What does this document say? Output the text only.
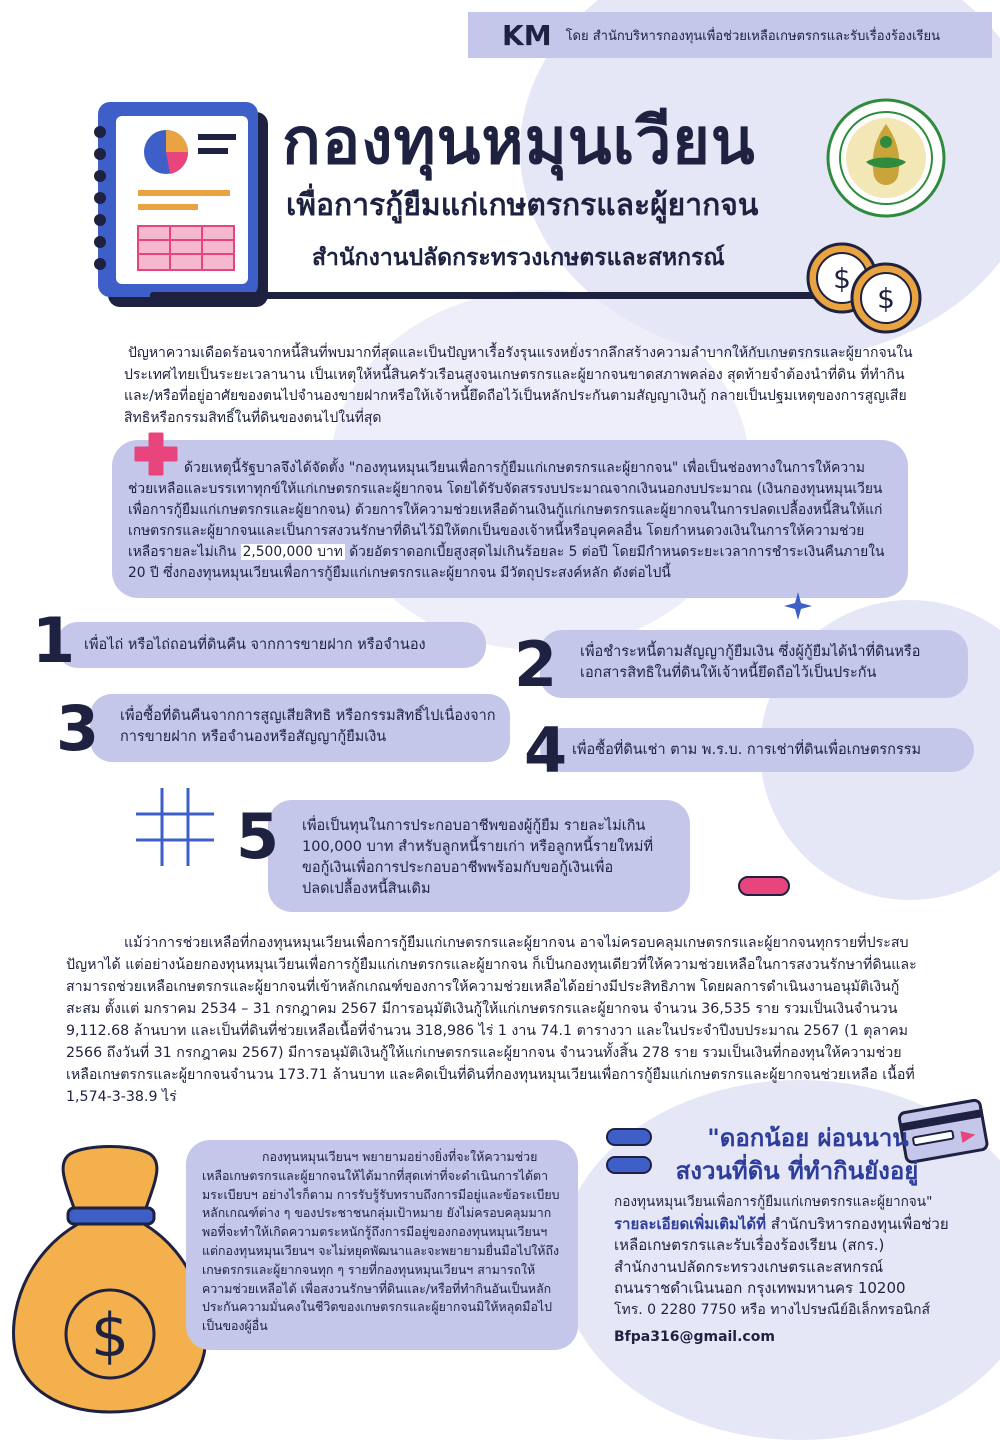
KM โดย สำนักบริหารกองทุนเพื่อช่วยเหลือเกษตรกรและรับเรื่องร้องเรียน
กองทุนหมุนเวียน
เพื่อการกู้ยืมแก่เกษตรกรและผู้ยากจน
สำนักงานปลัดกระทรวงเกษตรและสหกรณ์
$
$
ปัญหาความเดือดร้อนจากหนี้สินที่พบมากที่สุดและเป็นปัญหาเรื้อรังรุนแรงหยั่งรากลึกสร้างความลำบากให้กับเกษตรกรและผู้ยากจนในประเทศไทยเป็นระยะเวลานาน เป็นเหตุให้หนี้สินครัวเรือนสูงจนเกษตรกรและผู้ยากจนขาดสภาพคล่อง สุดท้ายจำต้องนำที่ดิน ที่ทำกินและ/หรือที่อยู่อาศัยของตนไปจำนองขายฝากหรือให้เจ้าหนี้ยึดถือไว้เป็นหลักประกันตามสัญญาเงินกู้ กลายเป็นปฐมเหตุของการสูญเสียสิทธิหรือกรรมสิทธิ์ในที่ดินของตนไปในที่สุด
ด้วยเหตุนี้รัฐบาลจึงได้จัดตั้ง "กองทุนหมุนเวียนเพื่อการกู้ยืมแก่เกษตรกรและผู้ยากจน" เพื่อเป็นช่องทางในการให้ความช่วยเหลือและบรรเทาทุกข์ให้แก่เกษตรกรและผู้ยากจน โดยได้รับจัดสรรงบประมาณจากเงินนอกงบประมาณ (เงินกองทุนหมุนเวียนเพื่อการกู้ยืมแก่เกษตรกรและผู้ยากจน) ด้วยการให้ความช่วยเหลือด้านเงินกู้แก่เกษตรกรและผู้ยากจนในการปลดเปลื้องหนี้สินให้แก่เกษตรกรและผู้ยากจนและเป็นการสงวนรักษาที่ดินไว้มิให้ตกเป็นของเจ้าหนี้หรือบุคคลอื่น โดยกำหนดวงเงินในการให้ความช่วยเหลือรายละไม่เกิน 2,500,000 บาท ด้วยอัตราดอกเบี้ยสูงสุดไม่เกินร้อยละ 5 ต่อปี โดยมีกำหนดระยะเวลาการชำระเงินคืนภายใน 20 ปี ซึ่งกองทุนหมุนเวียนเพื่อการกู้ยืมแก่เกษตรกรและผู้ยากจน มีวัตถุประสงค์หลัก ดังต่อไปนี้
เพื่อไถ่ หรือไถ่ถอนที่ดินคืน จากการขายฝาก หรือจำนอง
1	เพื่อชำระหนี้ตามสัญญากู้ยืมเงิน ซึ่งผู้กู้ยืมได้นำที่ดินหรือเอกสารสิทธิในที่ดินให้เจ้าหนี้ยึดถือไว้เป็นประกัน
2
เพื่อซื้อที่ดินคืนจากการสูญเสียสิทธิ หรือกรรมสิทธิ์ไปเนื่องจากการขายฝาก หรือจำนองหรือสัญญากู้ยืมเงิน
3	เพื่อซื้อที่ดินเช่า ตาม พ.ร.บ. การเช่าที่ดินเพื่อเกษตรกรรม
4
เพื่อเป็นทุนในการประกอบอาชีพของผู้กู้ยืม รายละไม่เกิน 100,000 บาท สำหรับลูกหนี้รายเก่า หรือลูกหนี้รายใหม่ที่ขอกู้เงินเพื่อการประกอบอาชีพพร้อมกับขอกู้เงินเพื่อปลดเปลื้องหนี้สินเดิม
5
แม้ว่าการช่วยเหลือที่กองทุนหมุนเวียนเพื่อการกู้ยืมแก่เกษตรกรและผู้ยากจน อาจไม่ครอบคลุมเกษตรกรและผู้ยากจนทุกรายที่ประสบปัญหาได้ แต่อย่างน้อยกองทุนหมุนเวียนเพื่อการกู้ยืมแก่เกษตรกรและผู้ยากจน ก็เป็นกองทุนเดียวที่ให้ความช่วยเหลือในการสงวนรักษาที่ดินและสามารถช่วยเหลือเกษตรกรและผู้ยากจนที่เข้าหลักเกณฑ์ของการให้ความช่วยเหลือได้อย่างมีประสิทธิภาพ โดยผลการดำเนินงานอนุมัติเงินกู้สะสม ตั้งแต่ มกราคม 2534 – 31 กรกฎาคม 2567 มีการอนุมัติเงินกู้ให้แก่เกษตรกรและผู้ยากจน จำนวน 36,535 ราย รวมเป็นเงินจำนวน 9,112.68 ล้านบาท และเป็นที่ดินที่ช่วยเหลือเนื้อที่จำนวน 318,986 ไร่ 1 งาน 74.1 ตารางวา และในประจำปีงบประมาณ 2567 (1 ตุลาคม 2566 ถึงวันที่ 31 กรกฎาคม 2567) มีการอนุมัติเงินกู้ให้แก่เกษตรกรและผู้ยากจน จำนวนทั้งสิ้น 278 ราย รวมเป็นเงินที่กองทุนให้ความช่วยเหลือเกษตรกรและผู้ยากจนจำนวน 173.71 ล้านบาท และคิดเป็นที่ดินที่กองทุนหมุนเวียนเพื่อการกู้ยืมแก่เกษตรกรและผู้ยากจนช่วยเหลือ เนื้อที่ 1,574-3-38.9 ไร่
$
กองทุนหมุนเวียนฯ พยายามอย่างยิ่งที่จะให้ความช่วยเหลือเกษตรกรและผู้ยากจนให้ได้มากที่สุดเท่าที่จะดำเนินการได้ตามระเบียบฯ อย่างไรก็ตาม การรับรู้รับทราบถึงการมีอยู่และข้อระเบียบหลักเกณฑ์ต่าง ๆ ของประชาชนกลุ่มเป้าหมาย ยังไม่ครอบคลุมมากพอที่จะทำให้เกิดความตระหนักรู้ถึงการมีอยู่ของกองทุนหมุนเวียนฯ แต่กองทุนหมุนเวียนฯ จะไม่หยุดพัฒนาและจะพยายามยื่นมือไปให้ถึงเกษตรกรและผู้ยากจนทุก ๆ รายที่กองทุนหมุนเวียนฯ สามารถให้ความช่วยเหลือได้ เพื่อสงวนรักษาที่ดินและ/หรือที่ทำกินอันเป็นหลักประกันความมั่นคงในชีวิตของเกษตรกรและผู้ยากจนมิให้หลุดมือไปเป็นของผู้อื่น
"ดอกน้อย ผ่อนนาน
สงวนที่ดิน ที่ทำกินยังอยู่
กองทุนหมุนเวียนเพื่อการกู้ยืมแก่เกษตรกรและผู้ยากจน"
รายละเอียดเพิ่มเติมได้ที่ สำนักบริหารกองทุนเพื่อช่วยเหลือเกษตรกรและรับเรื่องร้องเรียน (สกร.)
สำนักงานปลัดกระทรวงเกษตรและสหกรณ์
ถนนราชดำเนินนอก กรุงเทพมหานคร 10200
โทร. 0 2280 7750 หรือ ทางไปรษณีย์อิเล็กทรอนิกส์
Bfpa316@gmail.com
